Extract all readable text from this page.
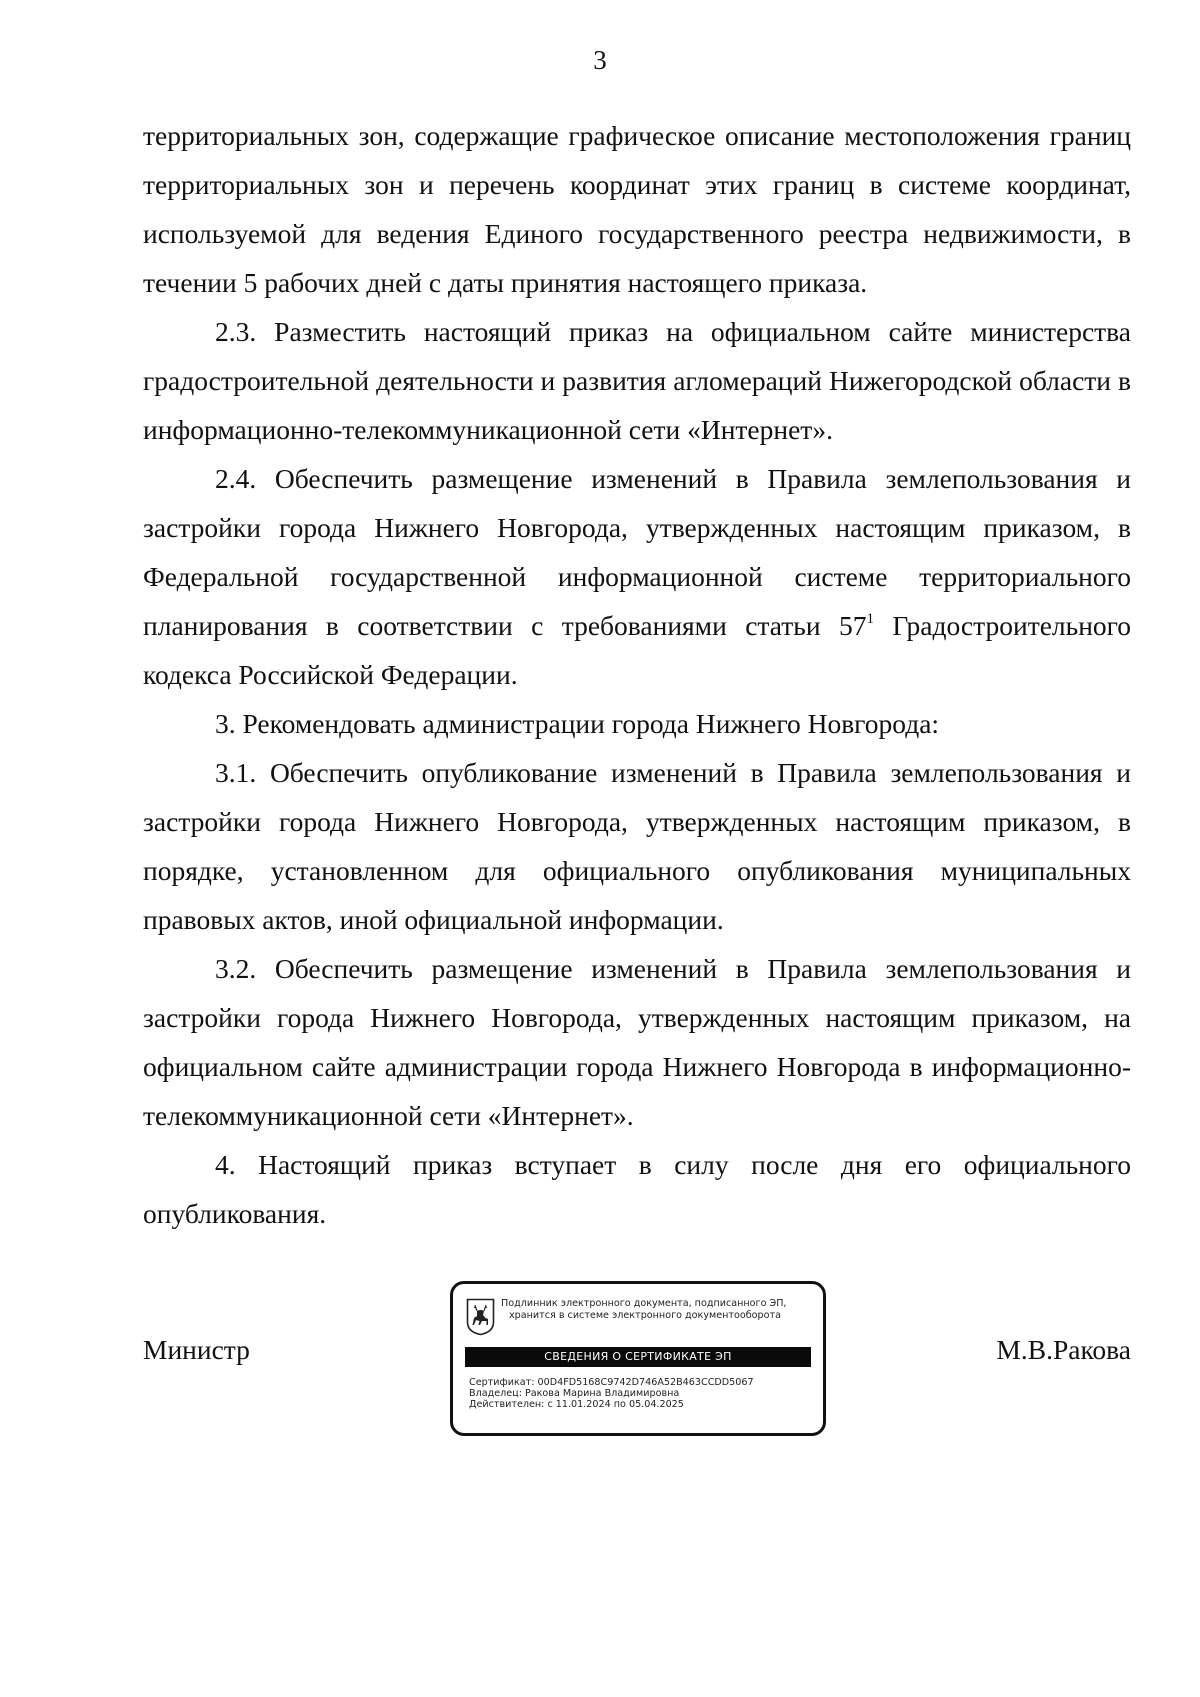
3

территориальных зон, содержащие графическое описание местоположения границ территориальных зон и перечень координат этих границ в системе координат, используемой для ведения Единого государственного реестра недвижимости, в течении 5 рабочих дней с даты принятия настоящего приказа.

2.3. Разместить настоящий приказ на официальном сайте министерства градостроительной деятельности и развития агломераций Нижегородской области в информационно-телекоммуникационной сети «Интернет».

2.4. Обеспечить размещение изменений в Правила землепользования и застройки города Нижнего Новгорода, утвержденных настоящим приказом, в Федеральной государственной информационной системе территориального планирования в соответствии с требованиями статьи $57^1$ Градостроительного кодекса Российской Федерации.

3. Рекомендовать администрации города Нижнего Новгорода:

3.1. Обеспечить опубликование изменений в Правила землепользования и застройки города Нижнего Новгорода, утвержденных настоящим приказом, в порядке, установленном для официального опубликования муниципальных правовых актов, иной официальной информации.

3.2. Обеспечить размещение изменений в Правила землепользования и застройки города Нижнего Новгорода, утвержденных настоящим приказом, на официальном сайте администрации города Нижнего Новгорода в информационно-телекоммуникационной сети «Интернет».

4. Настоящий приказ вступает в силу после дня его официального опубликования.

Министр	М.В.Ракова
Подлинник электронного документа, подписанного ЭП,
хранится в системе электронного документооборота
СВЕДЕНИЯ О СЕРТИФИКАТЕ ЭП
Сертификат: 00D4FD5168C9742D746A52B463CCDD5067
Владелец: Ракова Марина Владимировна
Действителен: с 11.01.2024 по 05.04.2025
